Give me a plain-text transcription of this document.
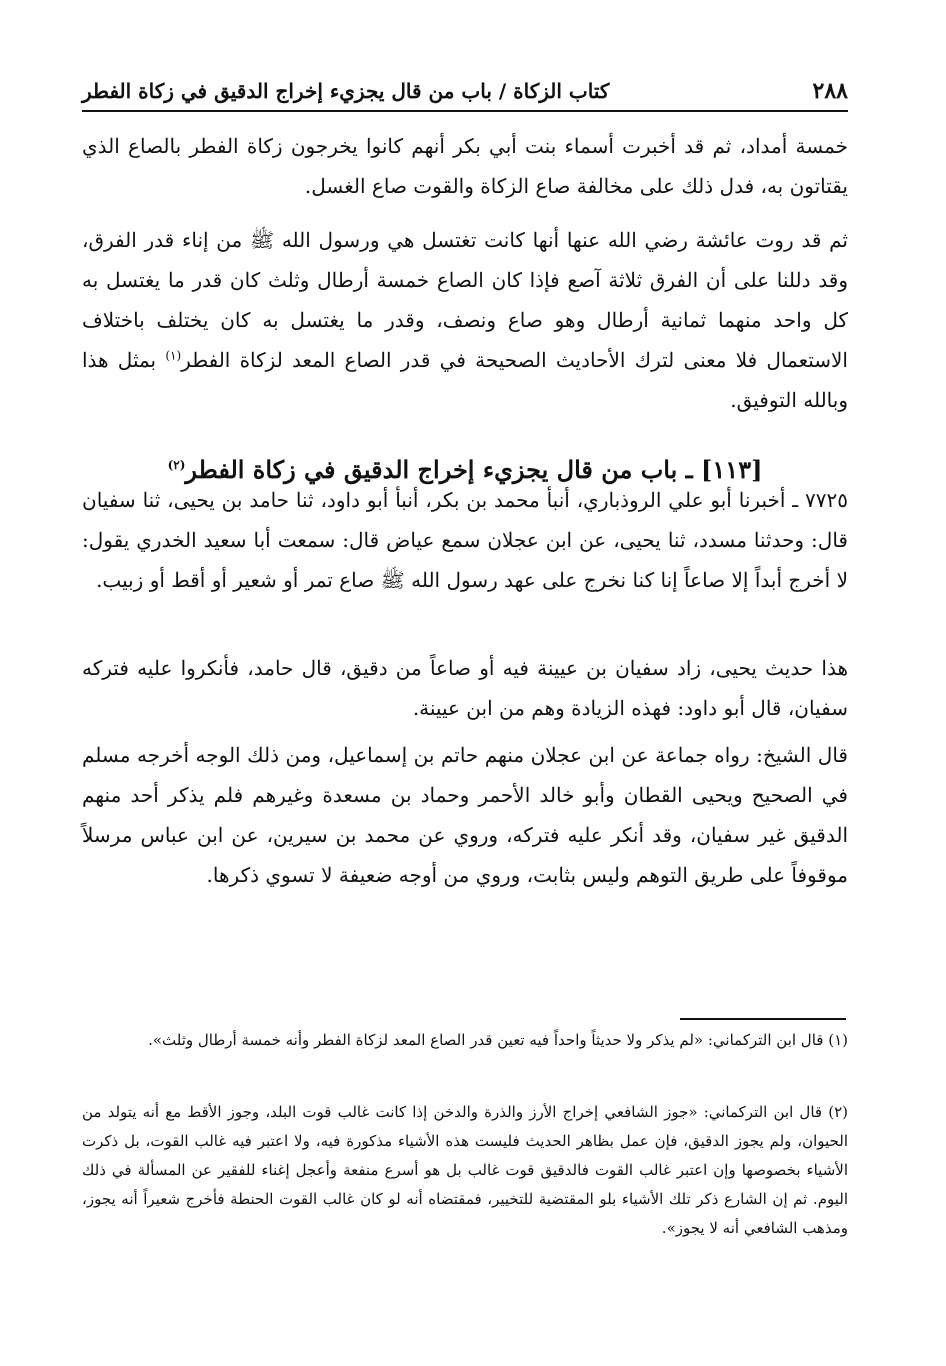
٢٨٨
كتاب الزكاة / باب من قال يجزيء إخراج الدقيق في زكاة الفطر
خمسة أمداد، ثم قد أخبرت أسماء بنت أبي بكر أنهم كانوا يخرجون زكاة الفطر بالصاع الذي يقتاتون به، فدل ذلك على مخالفة صاع الزكاة والقوت صاع الغسل.
ثم قد روت عائشة رضي الله عنها أنها كانت تغتسل هي ورسول الله ﷺ من إناء قدر الفرق، وقد دللنا على أن الفرق ثلاثة آصع فإذا كان الصاع خمسة أرطال وثلث كان قدر ما يغتسل به كل واحد منهما ثمانية أرطال وهو صاع ونصف، وقدر ما يغتسل به كان يختلف باختلاف الاستعمال فلا معنى لترك الأحاديث الصحيحة في قدر الصاع المعد لزكاة الفطر$^{(١)}$ بمثل هذا وبالله التوفيق.
[١١٣] ـ باب من قال يجزيء إخراج الدقيق في زكاة الفطر$^{(٢)}$
٧٧٢٥ ـ أخبرنا أبو علي الروذباري، أنبأ محمد بن بكر، أنبأ أبو داود، ثنا حامد بن يحيى، ثنا سفيان قال: وحدثنا مسدد، ثنا يحيى، عن ابن عجلان سمع عياض قال: سمعت أبا سعيد الخدري يقول: لا أخرج أبداً إلا صاعاً إنا كنا نخرج على عهد رسول الله ﷺ صاع تمر أو شعير أو أقط أو زبيب.
هذا حديث يحيى، زاد سفيان بن عيينة فيه أو صاعاً من دقيق، قال حامد، فأنكروا عليه فتركه سفيان، قال أبو داود: فهذه الزيادة وهم من ابن عيينة.
قال الشيخ: رواه جماعة عن ابن عجلان منهم حاتم بن إسماعيل، ومن ذلك الوجه أخرجه مسلم في الصحيح ويحيى القطان وأبو خالد الأحمر وحماد بن مسعدة وغيرهم فلم يذكر أحد منهم الدقيق غير سفيان، وقد أنكر عليه فتركه، وروي عن محمد بن سيرين، عن ابن عباس مرسلاً موقوفاً على طريق التوهم وليس بثابت، وروي من أوجه ضعيفة لا تسوي ذكرها.
(١) قال ابن التركماني: «لم يذكر ولا حديثاً واحداً فيه تعين قدر الصاع المعد لزكاة الفطر وأنه خمسة أرطال وثلث».
(٢) قال ابن التركماني: «جوز الشافعي إخراج الأرز والذرة والدخن إذا كانت غالب قوت البلد، وجوز الأقط مع أنه يتولد من الحيوان، ولم يجوز الدقيق، فإن عمل بظاهر الحديث فليست هذه الأشياء مذكورة فيه، ولا اعتبر فيه غالب القوت، بل ذكرت الأشياء بخصوصها وإن اعتبر غالب القوت فالدقيق قوت غالب بل هو أسرع منفعة وأعجل إغناء للفقير عن المسألة في ذلك اليوم. ثم إن الشارع ذكر تلك الأشياء بلو المقتضية للتخيير، فمقتضاه أنه لو كان غالب القوت الحنطة فأخرج شعيراً أنه يجوز، ومذهب الشافعي أنه لا يجوز».
